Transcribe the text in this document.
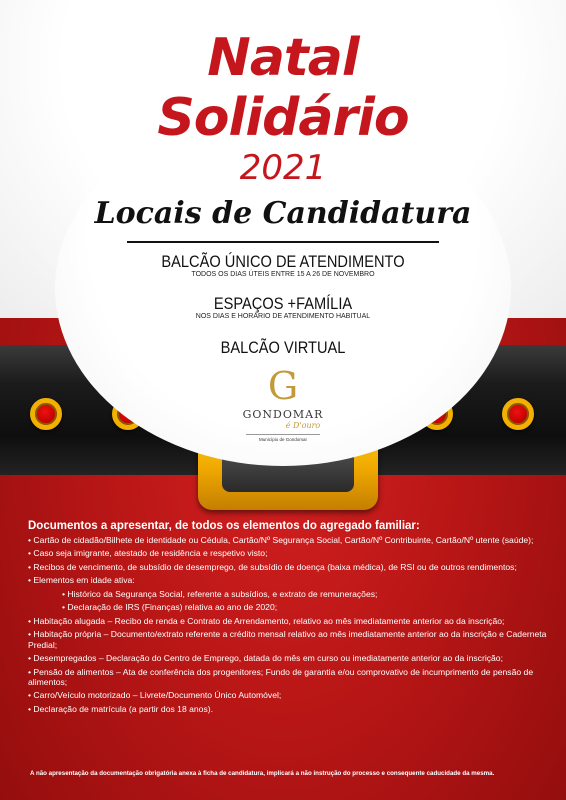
Natal
Solidário
2021
Locais de Candidatura
BALCÃO ÚNICO DE ATENDIMENTO
TODOS OS DIAS ÚTEIS ENTRE 15 A 26 DE NOVEMBRO
ESPAÇOS +FAMÍLIA
NOS DIAS E HORÁRIO DE ATENDIMENTO HABITUAL
BALCÃO VIRTUAL
G
GONDOMAR
é D'ouro
Município de Gondomar
Documentos a apresentar, de todos os elementos do agregado familiar:
• Cartão de cidadão/Bilhete de identidade ou Cédula, Cartão/Nº Segurança Social, Cartão/Nº Contribuinte, Cartão/Nº utente (saúde);
• Caso seja imigrante, atestado de residência e respetivo visto;
• Recibos de vencimento, de subsídio de desemprego, de subsídio de doença (baixa médica), de RSI ou de outros rendimentos;
• Elementos em idade ativa:
• Histórico da Segurança Social, referente a subsídios, e extrato de remunerações;
• Declaração de IRS (Finanças) relativa ao ano de 2020;
• Habitação alugada – Recibo de renda e Contrato de Arrendamento, relativo ao mês imediatamente anterior ao da inscrição;
• Habitação própria – Documento/extrato referente a crédito mensal relativo ao mês imediatamente anterior ao da inscrição e Caderneta Predial;
• Desempregados – Declaração do Centro de Emprego, datada do mês em curso ou imediatamente anterior ao da inscrição;
• Pensão de alimentos – Ata de conferência dos progenitores; Fundo de garantia e/ou comprovativo de incumprimento de pensão de alimentos;
• Carro/Veículo motorizado – Livrete/Documento Único Automóvel;
• Declaração de matrícula (a partir dos 18 anos).
A não apresentação da documentação obrigatória anexa à ficha de candidatura, implicará a não instrução do processo e consequente caducidade da mesma.
